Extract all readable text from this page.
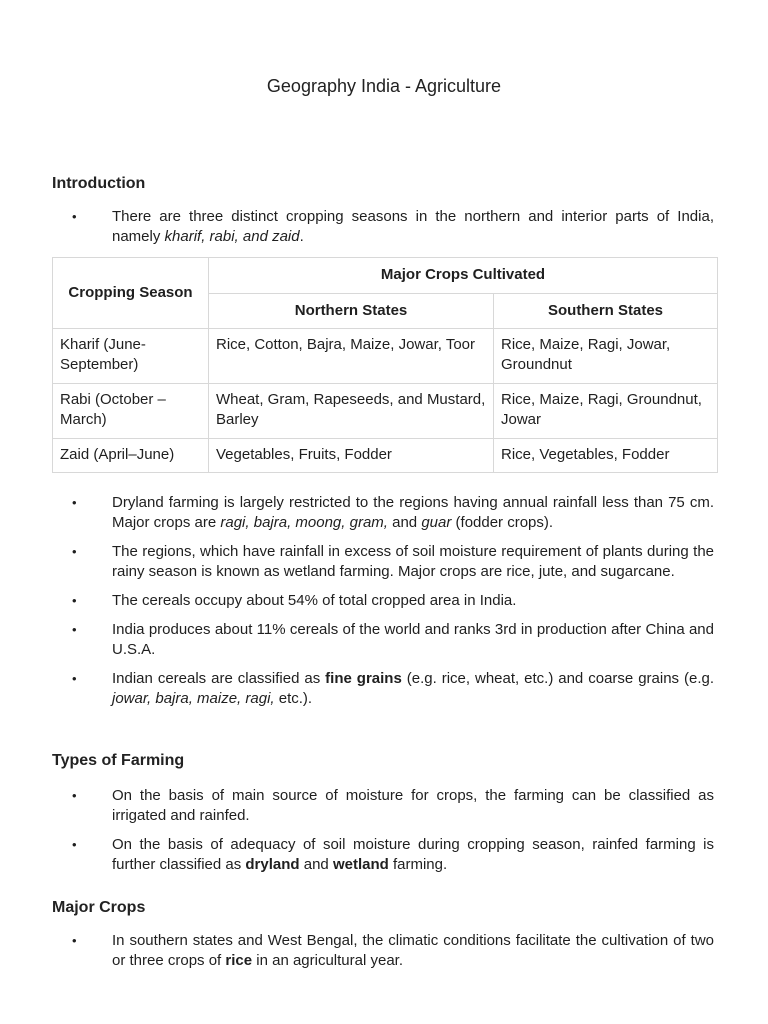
Geography India - Agriculture
Introduction
• There are three distinct cropping seasons in the northern and interior parts of India, namely kharif, rabi, and zaid.
Cropping Season	Major Crops Cultivated	
	Northern States	Southern States
Kharif (June-September)	Rice, Cotton, Bajra, Maize, Jowar, Toor	Rice, Maize, Ragi, Jowar, Groundnut
Rabi (October – March)	Wheat, Gram, Rapeseeds, and Mustard, Barley	Rice, Maize, Ragi, Groundnut, Jowar
Zaid (April–June)	Vegetables, Fruits, Fodder	Rice, Vegetables, Fodder
• Dryland farming is largely restricted to the regions having annual rainfall less than 75 cm. Major crops are ragi, bajra, moong, gram, and guar (fodder crops).
• The regions, which have rainfall in excess of soil moisture requirement of plants during the rainy season is known as wetland farming. Major crops are rice, jute, and sugarcane.
• The cereals occupy about 54% of total cropped area in India.
• India produces about 11% cereals of the world and ranks 3rd in production after China and U.S.A.
• Indian cereals are classified as fine grains (e.g. rice, wheat, etc.) and coarse grains (e.g. jowar, bajra, maize, ragi, etc.).
Types of Farming
• On the basis of main source of moisture for crops, the farming can be classified as irrigated and rainfed.
• On the basis of adequacy of soil moisture during cropping season, rainfed farming is further classified as dryland and wetland farming.
Major Crops
• In southern states and West Bengal, the climatic conditions facilitate the cultivation of two or three crops of rice in an agricultural year.
